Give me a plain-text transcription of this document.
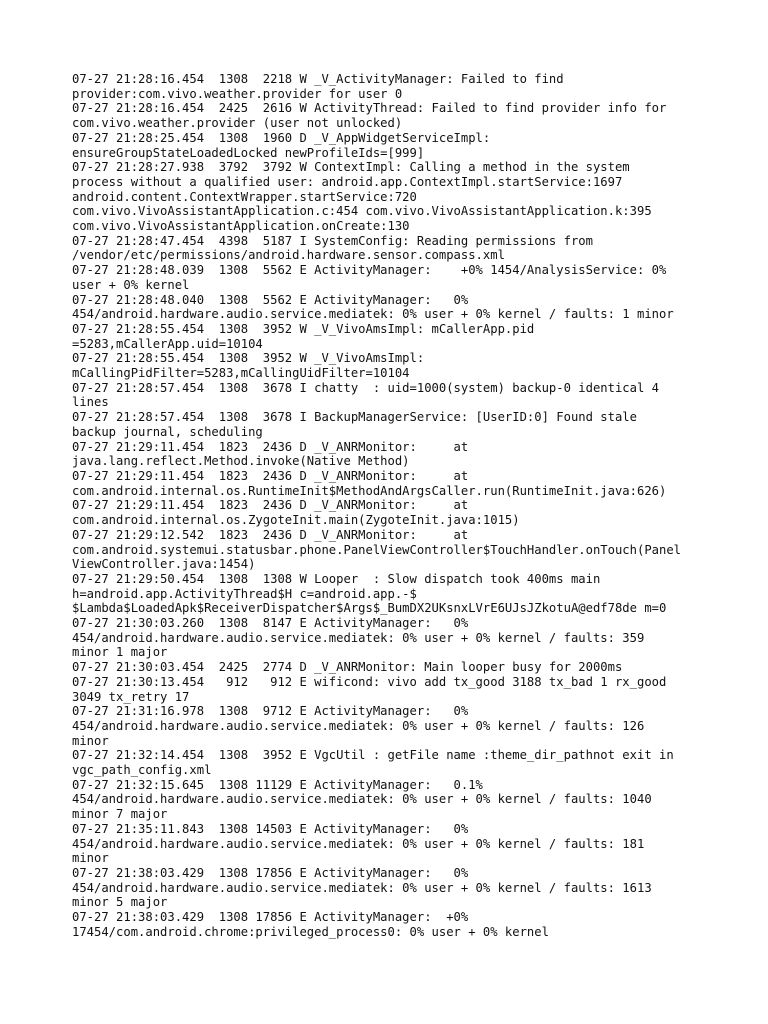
07-27 21:28:16.454  1308  2218 W _V_ActivityManager: Failed to find
provider:com.vivo.weather.provider for user 0
07-27 21:28:16.454  2425  2616 W ActivityThread: Failed to find provider info for
com.vivo.weather.provider (user not unlocked)
07-27 21:28:25.454  1308  1960 D _V_AppWidgetServiceImpl:
ensureGroupStateLoadedLocked newProfileIds=[999]
07-27 21:28:27.938  3792  3792 W ContextImpl: Calling a method in the system
process without a qualified user: android.app.ContextImpl.startService:1697
android.content.ContextWrapper.startService:720
com.vivo.VivoAssistantApplication.c:454 com.vivo.VivoAssistantApplication.k:395
com.vivo.VivoAssistantApplication.onCreate:130
07-27 21:28:47.454  4398  5187 I SystemConfig: Reading permissions from
/vendor/etc/permissions/android.hardware.sensor.compass.xml
07-27 21:28:48.039  1308  5562 E ActivityManager:    +0% 1454/AnalysisService: 0%
user + 0% kernel
07-27 21:28:48.040  1308  5562 E ActivityManager:   0%
454/android.hardware.audio.service.mediatek: 0% user + 0% kernel / faults: 1 minor
07-27 21:28:55.454  1308  3952 W _V_VivoAmsImpl: mCallerApp.pid
=5283,mCallerApp.uid=10104
07-27 21:28:55.454  1308  3952 W _V_VivoAmsImpl:
mCallingPidFilter=5283,mCallingUidFilter=10104
07-27 21:28:57.454  1308  3678 I chatty  : uid=1000(system) backup-0 identical 4
lines
07-27 21:28:57.454  1308  3678 I BackupManagerService: [UserID:0] Found stale
backup journal, scheduling
07-27 21:29:11.454  1823  2436 D _V_ANRMonitor:     at
java.lang.reflect.Method.invoke(Native Method)
07-27 21:29:11.454  1823  2436 D _V_ANRMonitor:     at
com.android.internal.os.RuntimeInit$MethodAndArgsCaller.run(RuntimeInit.java:626)
07-27 21:29:11.454  1823  2436 D _V_ANRMonitor:     at
com.android.internal.os.ZygoteInit.main(ZygoteInit.java:1015)
07-27 21:29:12.542  1823  2436 D _V_ANRMonitor:     at
com.android.systemui.statusbar.phone.PanelViewController$TouchHandler.onTouch(Panel
ViewController.java:1454)
07-27 21:29:50.454  1308  1308 W Looper  : Slow dispatch took 400ms main
h=android.app.ActivityThread$H c=android.app.-$
$Lambda$LoadedApk$ReceiverDispatcher$Args$_BumDX2UKsnxLVrE6UJsJZkotuA@edf78de m=0
07-27 21:30:03.260  1308  8147 E ActivityManager:   0%
454/android.hardware.audio.service.mediatek: 0% user + 0% kernel / faults: 359
minor 1 major
07-27 21:30:03.454  2425  2774 D _V_ANRMonitor: Main looper busy for 2000ms
07-27 21:30:13.454   912   912 E wificond: vivo add tx_good 3188 tx_bad 1 rx_good
3049 tx_retry 17
07-27 21:31:16.978  1308  9712 E ActivityManager:   0%
454/android.hardware.audio.service.mediatek: 0% user + 0% kernel / faults: 126
minor
07-27 21:32:14.454  1308  3952 E VgcUtil : getFile name :theme_dir_pathnot exit in
vgc_path_config.xml
07-27 21:32:15.645  1308 11129 E ActivityManager:   0.1%
454/android.hardware.audio.service.mediatek: 0% user + 0% kernel / faults: 1040
minor 7 major
07-27 21:35:11.843  1308 14503 E ActivityManager:   0%
454/android.hardware.audio.service.mediatek: 0% user + 0% kernel / faults: 181
minor
07-27 21:38:03.429  1308 17856 E ActivityManager:   0%
454/android.hardware.audio.service.mediatek: 0% user + 0% kernel / faults: 1613
minor 5 major
07-27 21:38:03.429  1308 17856 E ActivityManager:  +0%
17454/com.android.chrome:privileged_process0: 0% user + 0% kernel
